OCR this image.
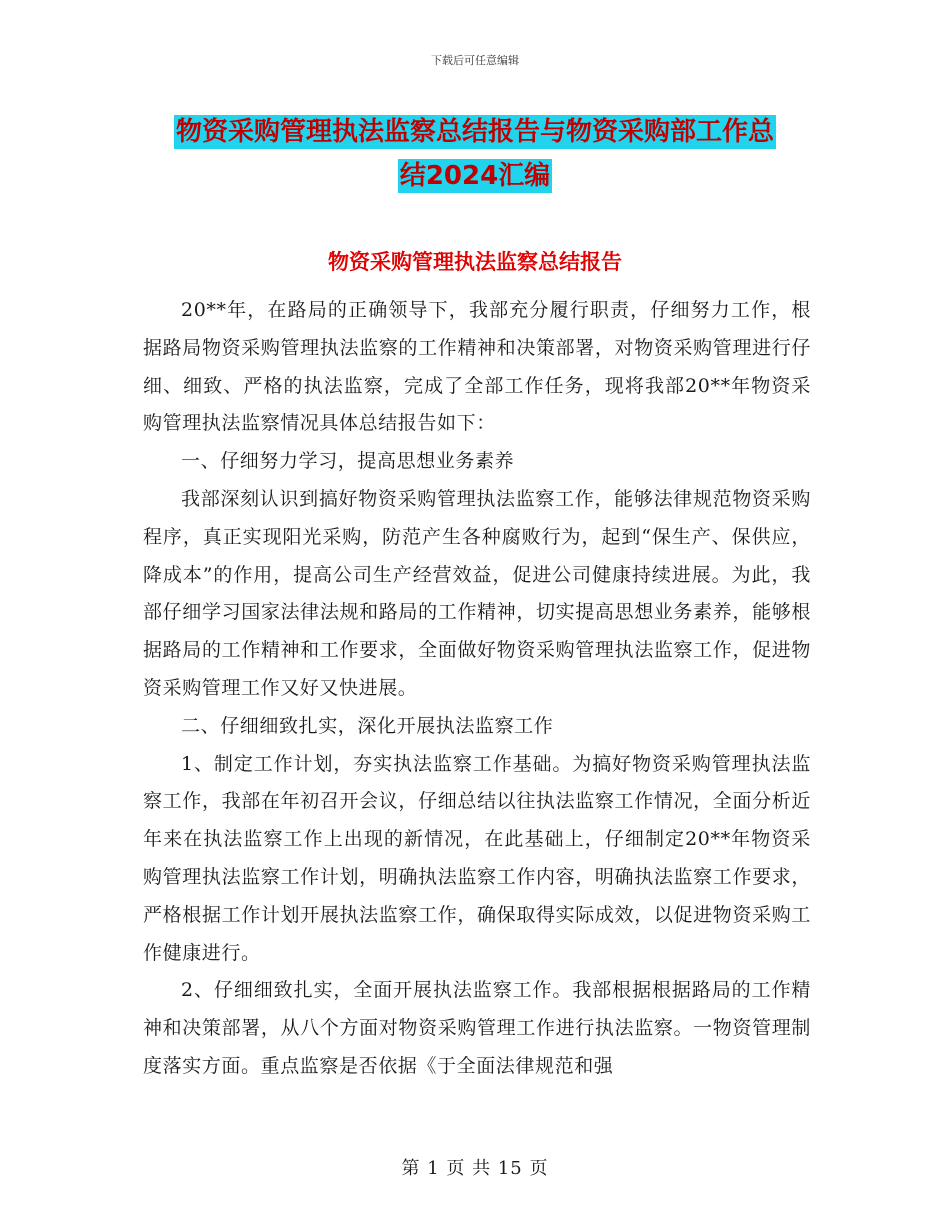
下载后可任意编辑
物资采购管理执法监察总结报告与物资采购部工作总
结2024汇编
物资采购管理执法监察总结报告

20**年，在路局的正确领导下，我部充分履行职责，仔细努力工作，根据路局物资采购管理执法监察的工作精神和决策部署，对物资采购管理进行仔细、细致、严格的执法监察，完成了全部工作任务，现将我部20**年物资采购管理执法监察情况具体总结报告如下：

一、仔细努力学习，提高思想业务素养

我部深刻认识到搞好物资采购管理执法监察工作，能够法律规范物资采购程序，真正实现阳光采购，防范产生各种腐败行为，起到“保生产、保供应，降成本”的作用，提高公司生产经营效益，促进公司健康持续进展。为此，我部仔细学习国家法律法规和路局的工作精神，切实提高思想业务素养，能够根据路局的工作精神和工作要求，全面做好物资采购管理执法监察工作，促进物资采购管理工作又好又快进展。

二、仔细细致扎实，深化开展执法监察工作

1、制定工作计划，夯实执法监察工作基础。为搞好物资采购管理执法监察工作，我部在年初召开会议，仔细总结以往执法监察工作情况，全面分析近年来在执法监察工作上出现的新情况，在此基础上，仔细制定20**年物资采购管理执法监察工作计划，明确执法监察工作内容，明确执法监察工作要求，严格根据工作计划开展执法监察工作，确保取得实际成效，以促进物资采购工作健康进行。

2、仔细细致扎实，全面开展执法监察工作。我部根据根据路局的工作精神和决策部署，从八个方面对物资采购管理工作进行执法监察。一物资管理制度落实方面。重点监察是否依据《于全面法律规范和强

第 1 页 共 15 页
